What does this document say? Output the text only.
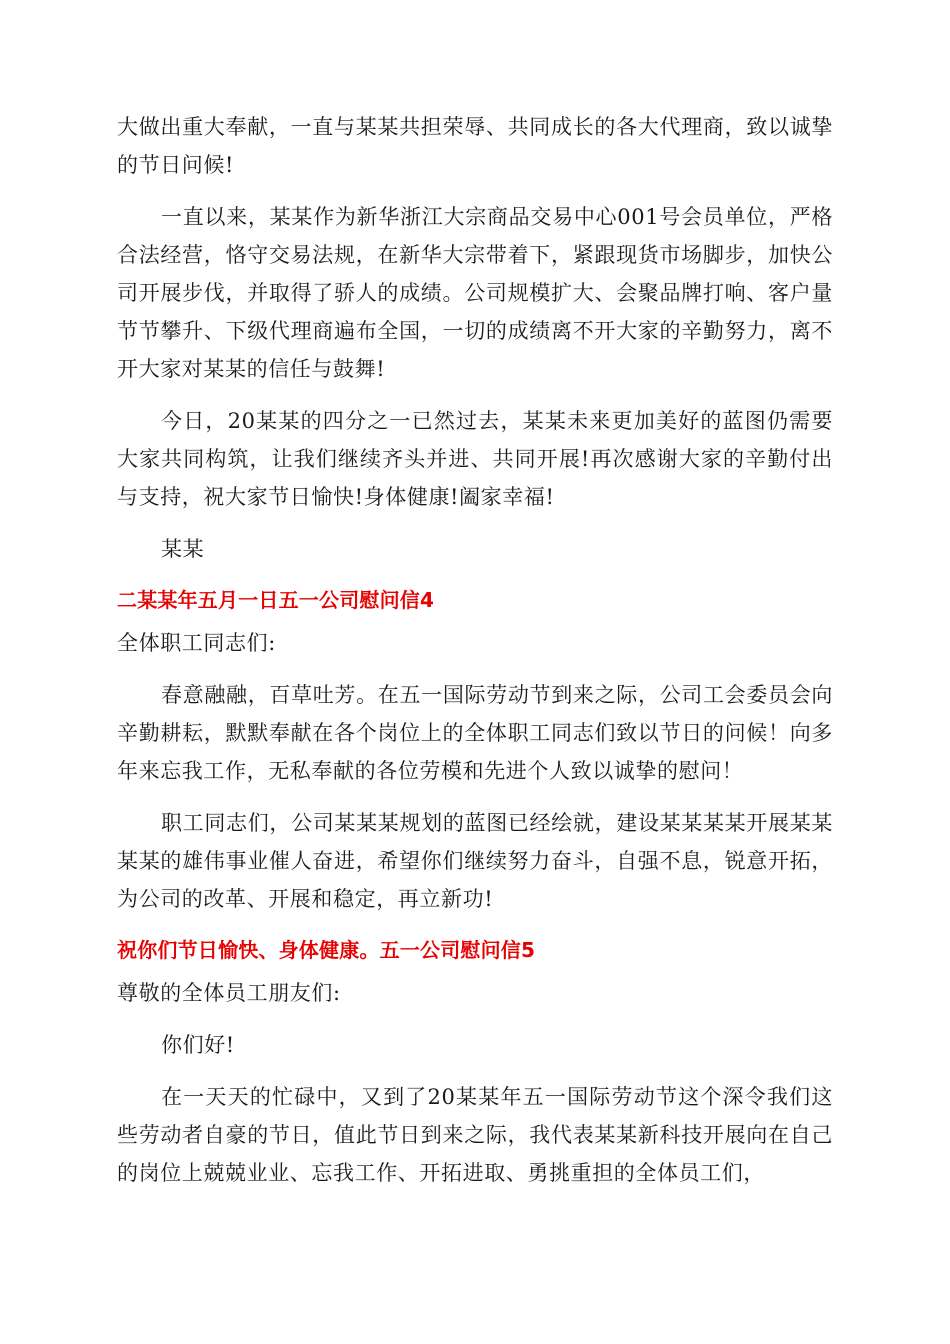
大做出重大奉献，一直与某某共担荣辱、共同成长的各大代理商，致以诚挚的节日问候!

一直以来，某某作为新华浙江大宗商品交易中心001号会员单位，严格合法经营，恪守交易法规，在新华大宗带着下，紧跟现货市场脚步，加快公司开展步伐，并取得了骄人的成绩。公司规模扩大、会聚品牌打响、客户量节节攀升、下级代理商遍布全国，一切的成绩离不开大家的辛勤努力，离不开大家对某某的信任与鼓舞!

今日，20某某的四分之一已然过去，某某未来更加美好的蓝图仍需要大家共同构筑，让我们继续齐头并进、共同开展!再次感谢大家的辛勤付出与支持，祝大家节日愉快!身体健康!阖家幸福!

某某

二某某年五月一日五一公司慰问信4

全体职工同志们:

春意融融，百草吐芳。在五一国际劳动节到来之际，公司工会委员会向辛勤耕耘，默默奉献在各个岗位上的全体职工同志们致以节日的问候！向多年来忘我工作，无私奉献的各位劳模和先进个人致以诚挚的慰问！

职工同志们，公司某某某规划的蓝图已经绘就，建设某某某某开展某某某某的雄伟事业催人奋进，希望你们继续努力奋斗，自强不息，锐意开拓，为公司的改革、开展和稳定，再立新功!

祝你们节日愉快、身体健康。五一公司慰问信5

尊敬的全体员工朋友们:

你们好!

在一天天的忙碌中，又到了20某某年五一国际劳动节这个深令我们这些劳动者自豪的节日，值此节日到来之际，我代表某某新科技开展向在自己的岗位上兢兢业业、忘我工作、开拓进取、勇挑重担的全体员工们，
